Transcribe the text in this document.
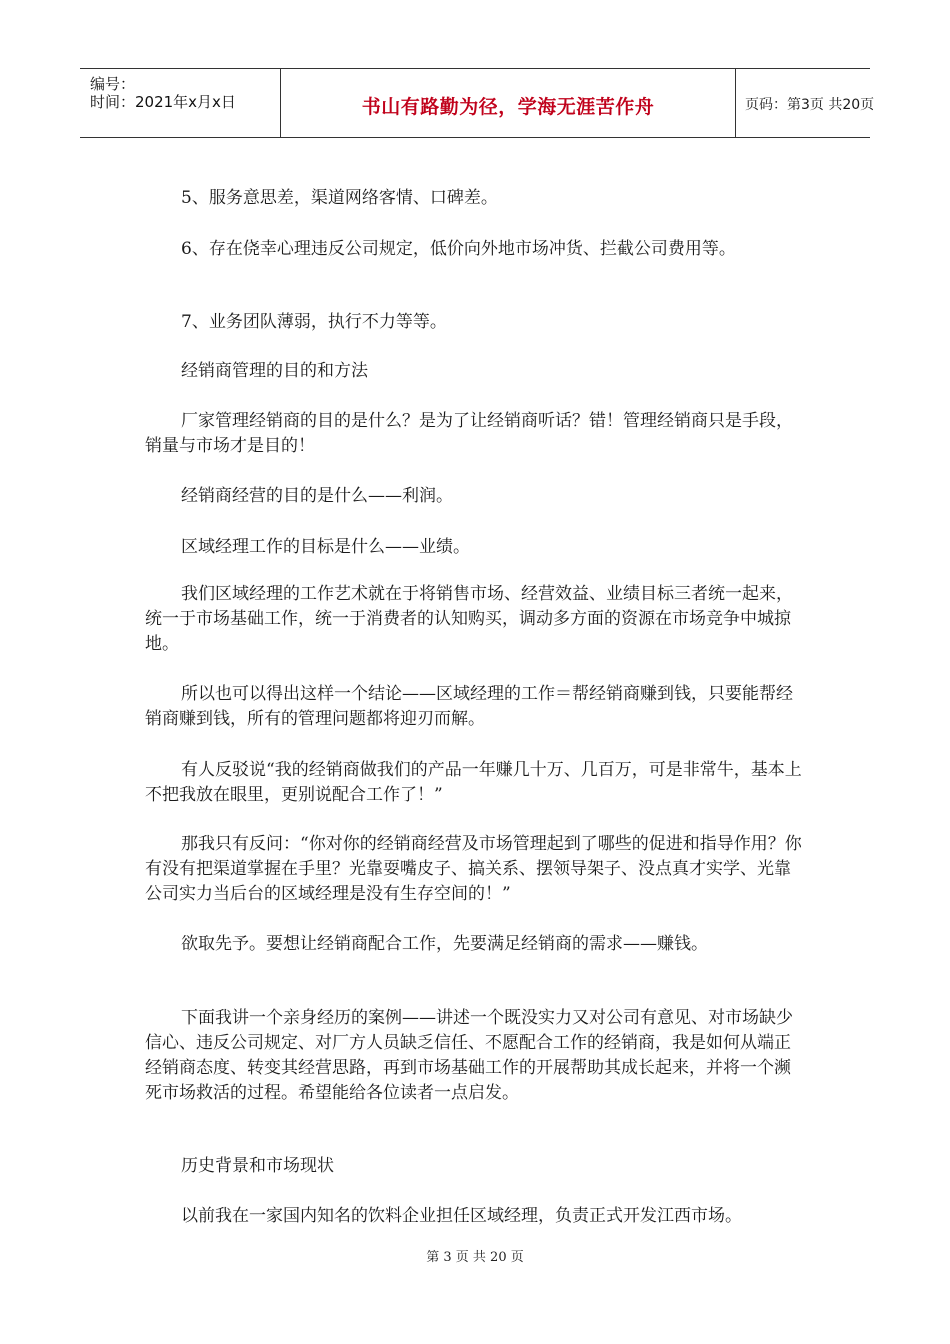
编号：
时间：2021年x月x日	书山有路勤为径，学海无涯苦作舟	页码：第3页 共20页

5、服务意思差，渠道网络客情、口碑差。

6、存在侥幸心理违反公司规定，低价向外地市场冲货、拦截公司费用等。

7、业务团队薄弱，执行不力等等。

经销商管理的目的和方法

厂家管理经销商的目的是什么？是为了让经销商听话？错！管理经销商只是手段，销量与市场才是目的！

经销商经营的目的是什么——利润。

区域经理工作的目标是什么——业绩。

我们区域经理的工作艺术就在于将销售市场、经营效益、业绩目标三者统一起来，统一于市场基础工作，统一于消费者的认知购买，调动多方面的资源在市场竞争中城掠地。

所以也可以得出这样一个结论——区域经理的工作＝帮经销商赚到钱，只要能帮经销商赚到钱，所有的管理问题都将迎刃而解。

有人反驳说“我的经销商做我们的产品一年赚几十万、几百万，可是非常牛，基本上不把我放在眼里，更别说配合工作了！”

那我只有反问：“你对你的经销商经营及市场管理起到了哪些的促进和指导作用？你有没有把渠道掌握在手里？光靠耍嘴皮子、搞关系、摆领导架子、没点真才实学、光靠公司实力当后台的区域经理是没有生存空间的！”

欲取先予。要想让经销商配合工作，先要满足经销商的需求——赚钱。

下面我讲一个亲身经历的案例——讲述一个既没实力又对公司有意见、对市场缺少信心、违反公司规定、对厂方人员缺乏信任、不愿配合工作的经销商，我是如何从端正经销商态度、转变其经营思路，再到市场基础工作的开展帮助其成长起来，并将一个濒死市场救活的过程。希望能给各位读者一点启发。

历史背景和市场现状

以前我在一家国内知名的饮料企业担任区域经理，负责正式开发江西市场。

第 3 页 共 20 页
